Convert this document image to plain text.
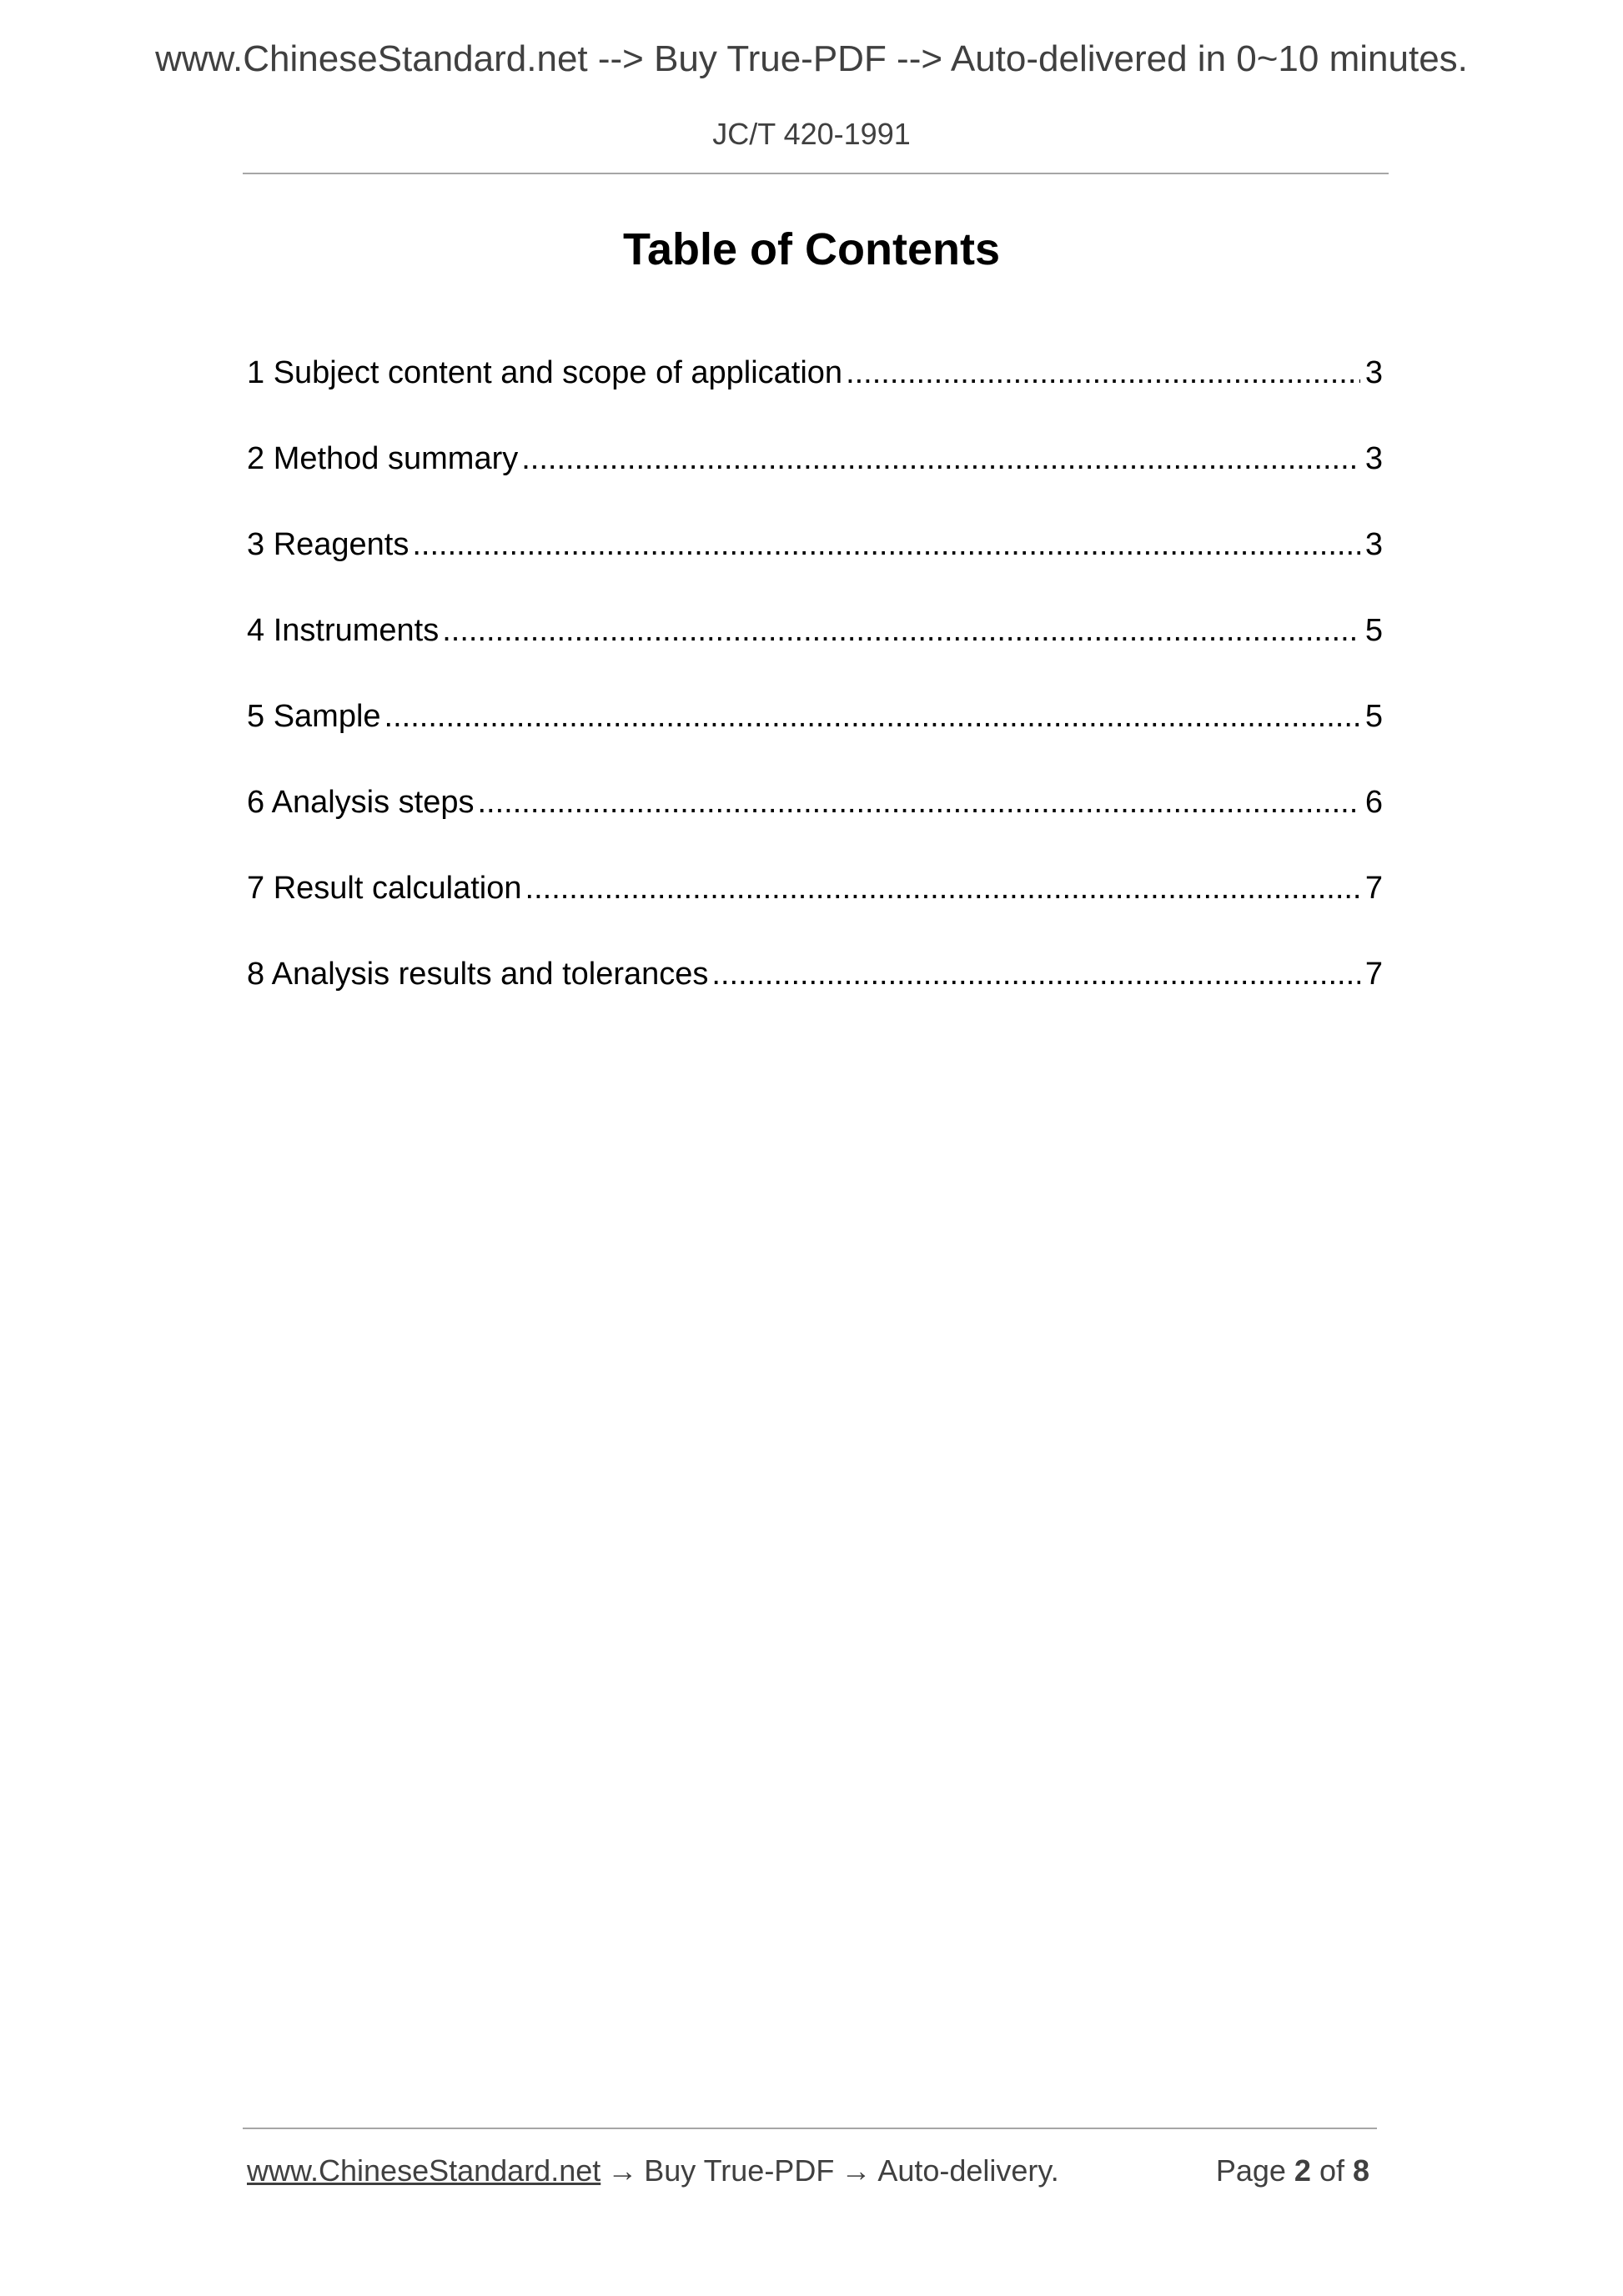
www.ChineseStandard.net --> Buy True-PDF --> Auto-delivered in 0~10 minutes.
JC/T 420-1991
Table of Contents
1 Subject content and scope of application .....	3
2 Method summary .....	3
3 Reagents .....	3
4 Instruments .....	5
5 Sample .....	5
6 Analysis steps .....	6
7 Result calculation .....	7
8 Analysis results and tolerances .....	7
www.ChineseStandard.net → Buy True-PDF → Auto-delivery.	Page 2 of 8
